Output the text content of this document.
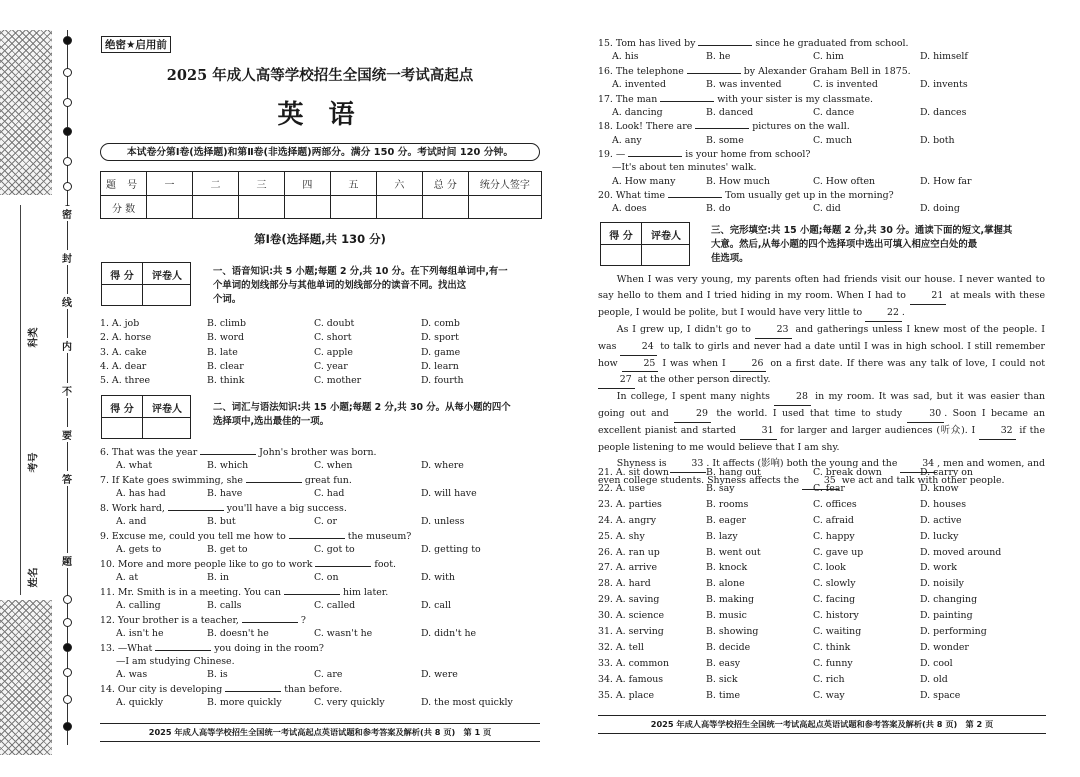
科类
考号
姓名
密
封
线
内
不
要
答
题
绝密★启用前
2025 年成人高等学校招生全国统一考试高起点
英 语
本试卷分第Ⅰ卷(选择题)和第Ⅱ卷(非选择题)两部分。满分 150 分。考试时间 120 分钟。
题 号	一	二	三	四	五	六	总 分	统分人签字
分 数								
第Ⅰ卷(选择题,共 130 分)
得 分	评卷人	一、语音知识:共 5 小题;每题 2 分,共 10 分。在下列每组单词中,有一
个单词的划线部分与其他单词的划线部分的读音不同。找出这
个词。
1. A. job	B. climb	C. doubt	D. comb
2. A. horse	B. word	C. short	D. sport
3. A. cake	B. late	C. apple	D. game
4. A. dear	B. clear	C. year	D. learn
5. A. three	B. think	C. mother	D. fourth
得 分	评卷人	二、词汇与语法知识:共 15 小题;每题 2 分,共 30 分。从每小题的四个
选择项中,选出最佳的一项。
6. That was the year	John's brother was born.
A. what	B. which	C. when	D. where
7. If Kate goes swimming, she	great fun.
A. has had	B. have	C. had	D. will have
8. Work hard,	you'll have a big success.
A. and	B. but	C. or	D. unless
9. Excuse me, could you tell me how to	the museum?
A. gets to	B. get to	C. got to	D. getting to
10. More and more people like to go to work	foot.
A. at	B. in	C. on	D. with
11. Mr. Smith is in a meeting. You can	him later.
A. calling	B. calls	C. called	D. call
12. Your brother is a teacher,	?
A. isn't he	B. doesn't he	C. wasn't he	D. didn't he
13. —What	you doing in the room?
—I am studying Chinese.
A. was	B. is	C. are	D. were
14. Our city is developing	than before.
A. quickly	B. more quickly	C. very quickly	D. the most quickly
2025 年成人高等学校招生全国统一考试高起点英语试题和参考答案及解析(共 8 页)　第 1 页
15. Tom has lived by	since he graduated from school.
A. his	B. he	C. him	D. himself
16. The telephone	by Alexander Graham Bell in 1875.
A. invented	B. was invented	C. is invented	D. invents
17. The man	with your sister is my classmate.
A. dancing	B. danced	C. dance	D. dances
18. Look! There are	pictures on the wall.
A. any	B. some	C. much	D. both
19. —	is your home from school?
—It's about ten minutes' walk.
A. How many	B. How much	C. How often	D. How far
20. What time	Tom usually get up in the morning?
A. does	B. do	C. did	D. doing
得 分	评卷人
三、完形填空:共 15 小题;每题 2 分,共 30 分。通读下面的短文,掌握其
大意。然后,从每小题的四个选择项中选出可填入相应空白处的最
佳选项。

When I was very young, my parents often had friends visit our house. I never wanted to say hello to them and I tried hiding in my room. When I had to 21 at meals with these people, I would be polite, but I would have very little to 22 .

As I grew up, I didn't go to 23 and gatherings unless I knew most of the people. I was 24 to talk to girls and never had a date until I was in high school. I still remember how 25 I was when I 26 on a first date. If there was any talk of love, I could not 27 at the other person directly.

In college, I spent many nights 28 in my room. It was sad, but it was easier than going out and 29 the world. I used that time to study 30 . Soon I became an excellent pianist and started 31 for larger and larger audiences (听众). I 32 if the people listening to me would believe that I am shy.

Shyness is 33 . It affects (影响) both the young and the 34 , men and women, and even college students. Shyness affects the 35 we act and talk with other people.

21. A. sit down	B. hang out	C. break down	D. carry on
22. A. use	B. say	C. fear	D. know
23. A. parties	B. rooms	C. offices	D. houses
24. A. angry	B. eager	C. afraid	D. active
25. A. shy	B. lazy	C. happy	D. lucky
26. A. ran up	B. went out	C. gave up	D. moved around
27. A. arrive	B. knock	C. look	D. work
28. A. hard	B. alone	C. slowly	D. noisily
29. A. saving	B. making	C. facing	D. changing
30. A. science	B. music	C. history	D. painting
31. A. serving	B. showing	C. waiting	D. performing
32. A. tell	B. decide	C. think	D. wonder
33. A. common	B. easy	C. funny	D. cool
34. A. famous	B. sick	C. rich	D. old
35. A. place	B. time	C. way	D. space
2025 年成人高等学校招生全国统一考试高起点英语试题和参考答案及解析(共 8 页)　第 2 页
